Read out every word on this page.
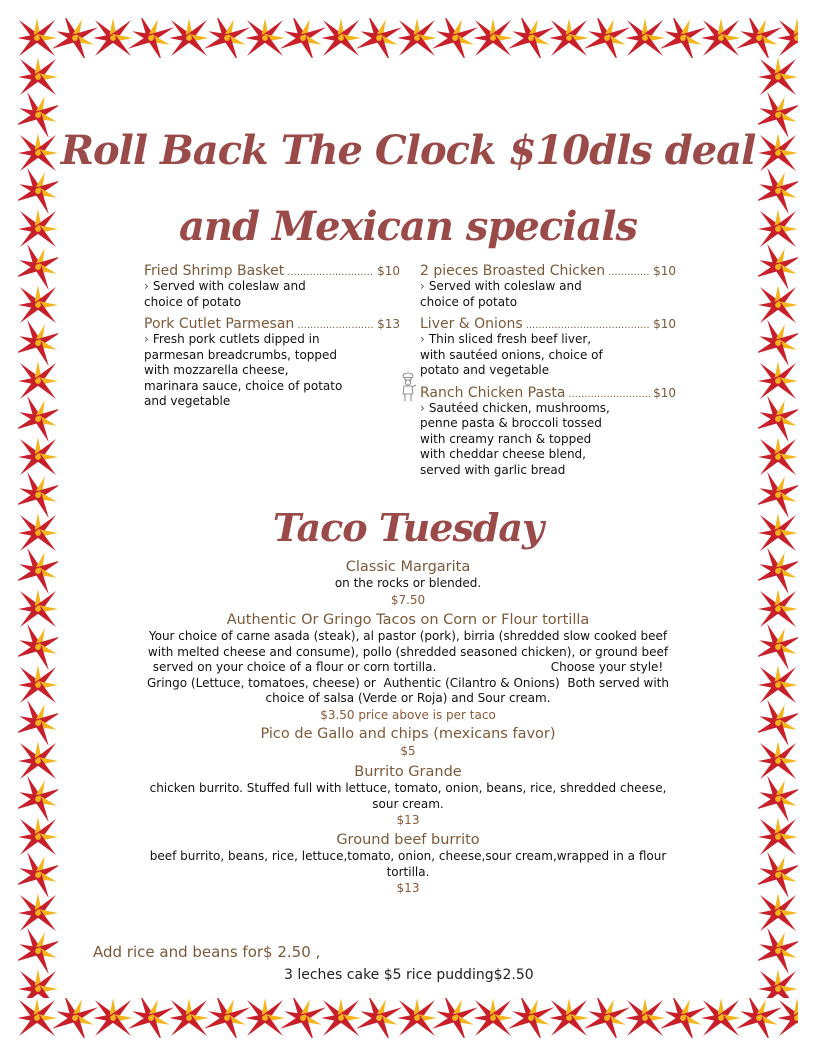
Roll Back The Clock $10dls deal
and Mexican specials
Fried Shrimp Basket .....	$10
› Served with coleslaw and choice of potato
Pork Cutlet Parmesan .....	$13
› Fresh pork cutlets dipped in parmesan breadcrumbs, topped with mozzarella cheese, marinara sauce, choice of potato and vegetable
2 pieces Broasted Chicken .....	$10
› Served with coleslaw and choice of potato
Liver & Onions .....	$10
› Thin sliced fresh beef liver, with sautéed onions, choice of potato and vegetable
Ranch Chicken Pasta .....	$10
› Sautéed chicken, mushrooms, penne pasta & broccoli tossed with creamy ranch & topped with cheddar cheese blend, served with garlic bread
Taco Tuesday
Classic Margarita
on the rocks or blended.
$7.50
Authentic Or Gringo Tacos on Corn or Flour tortilla
Your choice of carne asada (steak), al pastor (pork), birria (shredded slow cooked beef with melted cheese and consume), pollo (shredded seasoned chicken), or ground beef served on your choice of a flour or corn tortilla.                              Choose your style! Gringo (Lettuce, tomatoes, cheese) or  Authentic (Cilantro & Onions)  Both served with choice of salsa (Verde or Roja) and Sour cream.
$3.50 price above is per taco
Pico de Gallo and chips (mexicans favor)
$5
Burrito Grande
chicken burrito. Stuffed full with lettuce, tomato, onion, beans, rice, shredded cheese, sour cream.
$13
Ground beef burrito
beef burrito, beans, rice, lettuce,tomato, onion, cheese,sour cream,wrapped in a flour tortilla.
$13
Add rice and beans for$ 2.50 ,
3 leches cake $5 rice pudding$2.50
